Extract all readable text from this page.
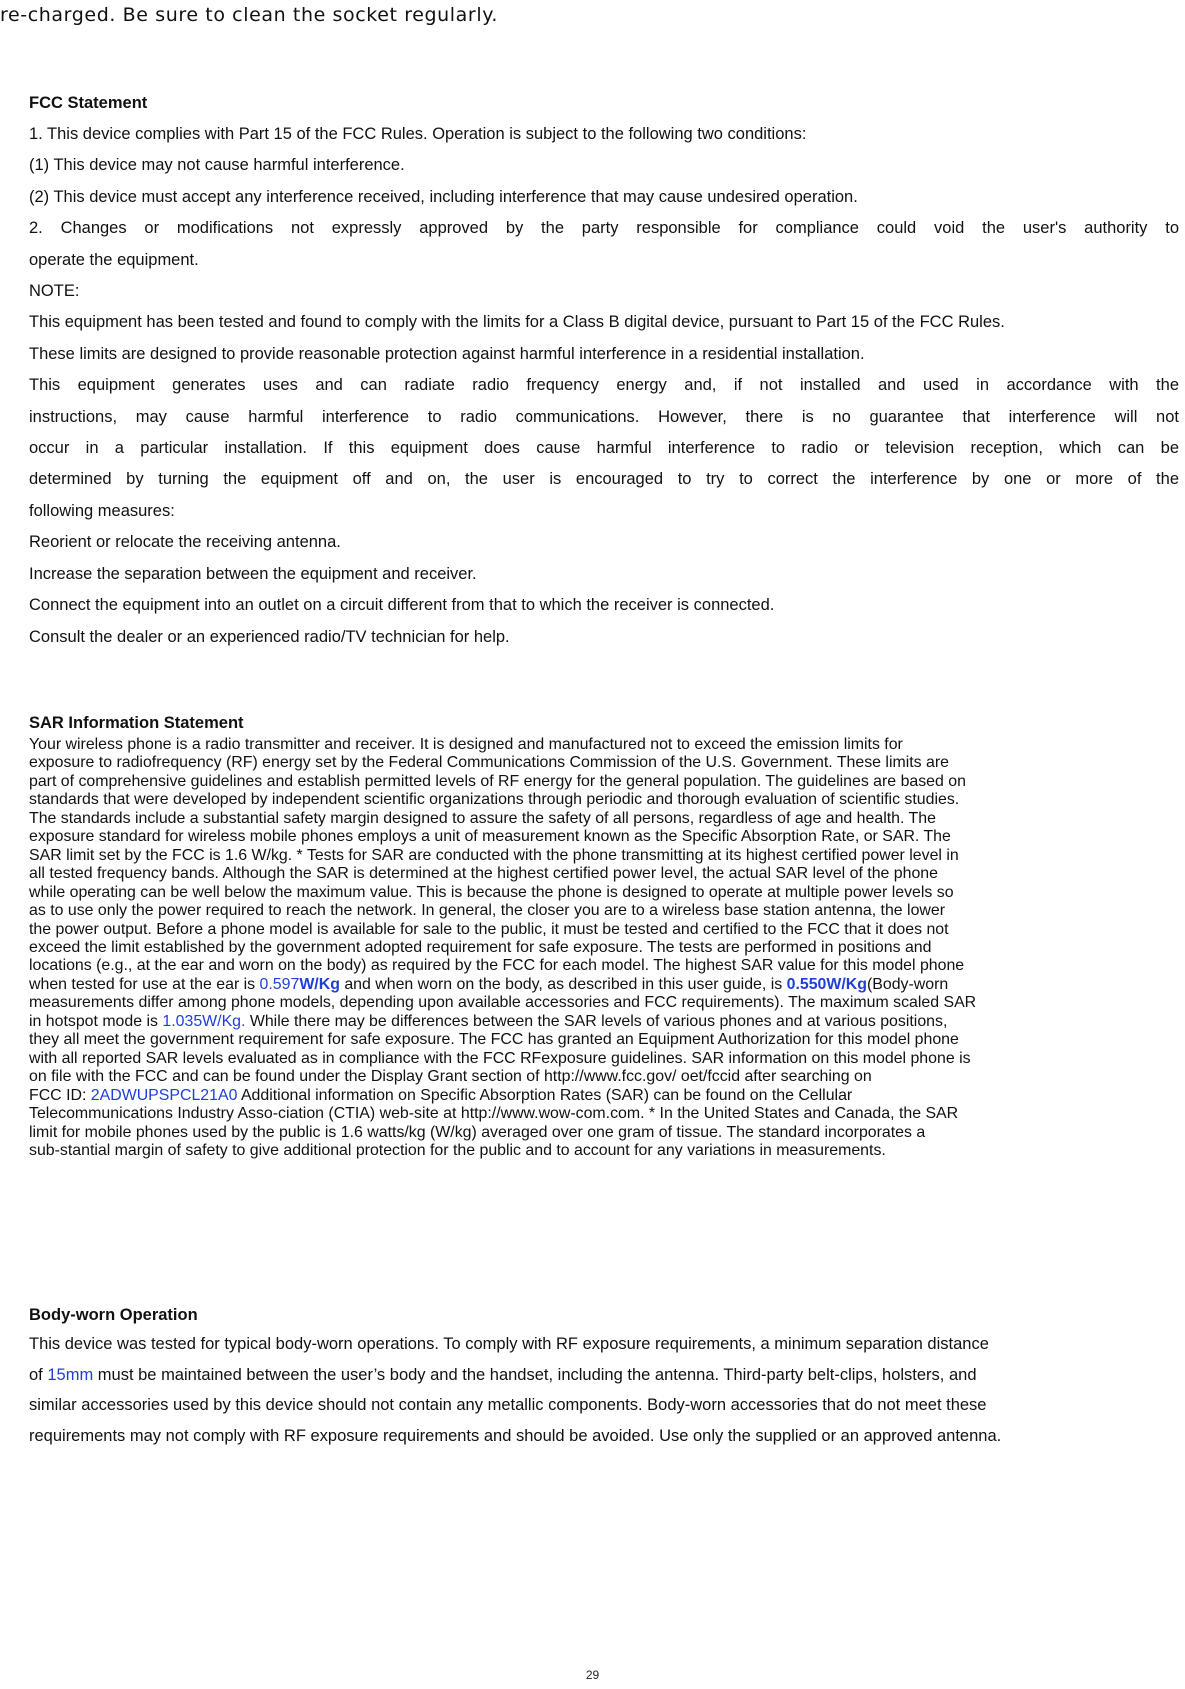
re-charged. Be sure to clean the socket regularly.

FCC Statement

1. This device complies with Part 15 of the FCC Rules. Operation is subject to the following two conditions:

(1) This device may not cause harmful interference.

(2) This device must accept any interference received, including interference that may cause undesired operation.

2. Changes or modifications not expressly approved by the party responsible for compliance could void the user's authority to

operate the equipment.

NOTE:

This equipment has been tested and found to comply with the limits for a Class B digital device, pursuant to Part 15 of the FCC Rules.

These limits are designed to provide reasonable protection against harmful interference in a residential installation.

This equipment generates uses and can radiate radio frequency energy and, if not installed and used in accordance with the

instructions, may cause harmful interference to radio communications. However, there is no guarantee that interference will not

occur in a particular installation. If this equipment does cause harmful interference to radio or television reception, which can be

determined by turning the equipment off and on, the user is encouraged to try to correct the interference by one or more of the

following measures:

Reorient or relocate the receiving antenna.

Increase the separation between the equipment and receiver.

Connect the equipment into an outlet on a circuit different from that to which the receiver is connected.

Consult the dealer or an experienced radio/TV technician for help.

SAR Information Statement

Your wireless phone is a radio transmitter and receiver. It is designed and manufactured not to exceed the emission limits for

exposure to radiofrequency (RF) energy set by the Federal Communications Commission of the U.S. Government. These limits are

part of comprehensive guidelines and establish permitted levels of RF energy for the general population. The guidelines are based on

standards that were developed by independent scientific organizations through periodic and thorough evaluation of scientific studies.

The standards include a substantial safety margin designed to assure the safety of all persons, regardless of age and health. The

exposure standard for wireless mobile phones employs a unit of measurement known as the Specific Absorption Rate, or SAR. The

SAR limit set by the FCC is 1.6 W/kg. * Tests for SAR are conducted with the phone transmitting at its highest certified power level in

all tested frequency bands. Although the SAR is determined at the highest certified power level, the actual SAR level of the phone

while operating can be well below the maximum value. This is because the phone is designed to operate at multiple power levels so

as to use only the power required to reach the network. In general, the closer you are to a wireless base station antenna, the lower

the power output. Before a phone model is available for sale to the public, it must be tested and certified to the FCC that it does not

exceed the limit established by the government adopted requirement for safe exposure. The tests are performed in positions and

locations (e.g., at the ear and worn on the body) as required by the FCC for each model. The highest SAR value for this model phone

when tested for use at the ear is 0.597W/Kg and when worn on the body, as described in this user guide, is 0.550W/Kg(Body-worn

measurements differ among phone models, depending upon available accessories and FCC requirements). The maximum scaled SAR

in hotspot mode is 1.035W/Kg. While there may be differences between the SAR levels of various phones and at various positions,

they all meet the government requirement for safe exposure. The FCC has granted an Equipment Authorization for this model phone

with all reported SAR levels evaluated as in compliance with the FCC RFexposure guidelines. SAR information on this model phone is

on file with the FCC and can be found under the Display Grant section of http://www.fcc.gov/ oet/fccid after searching on

FCC ID: 2ADWUPSPCL21A0 Additional information on Specific Absorption Rates (SAR) can be found on the Cellular

Telecommunications Industry Asso-ciation (CTIA) web-site at http://www.wow-com.com. * In the United States and Canada, the SAR

limit for mobile phones used by the public is 1.6 watts/kg (W/kg) averaged over one gram of tissue. The standard incorporates a

sub-stantial margin of safety to give additional protection for the public and to account for any variations in measurements.

Body-worn Operation

This device was tested for typical body-worn operations. To comply with RF exposure requirements, a minimum separation distance

of 15mm must be maintained between the user’s body and the handset, including the antenna. Third-party belt-clips, holsters, and

similar accessories used by this device should not contain any metallic components. Body-worn accessories that do not meet these

requirements may not comply with RF exposure requirements and should be avoided. Use only the supplied or an approved antenna.

29
